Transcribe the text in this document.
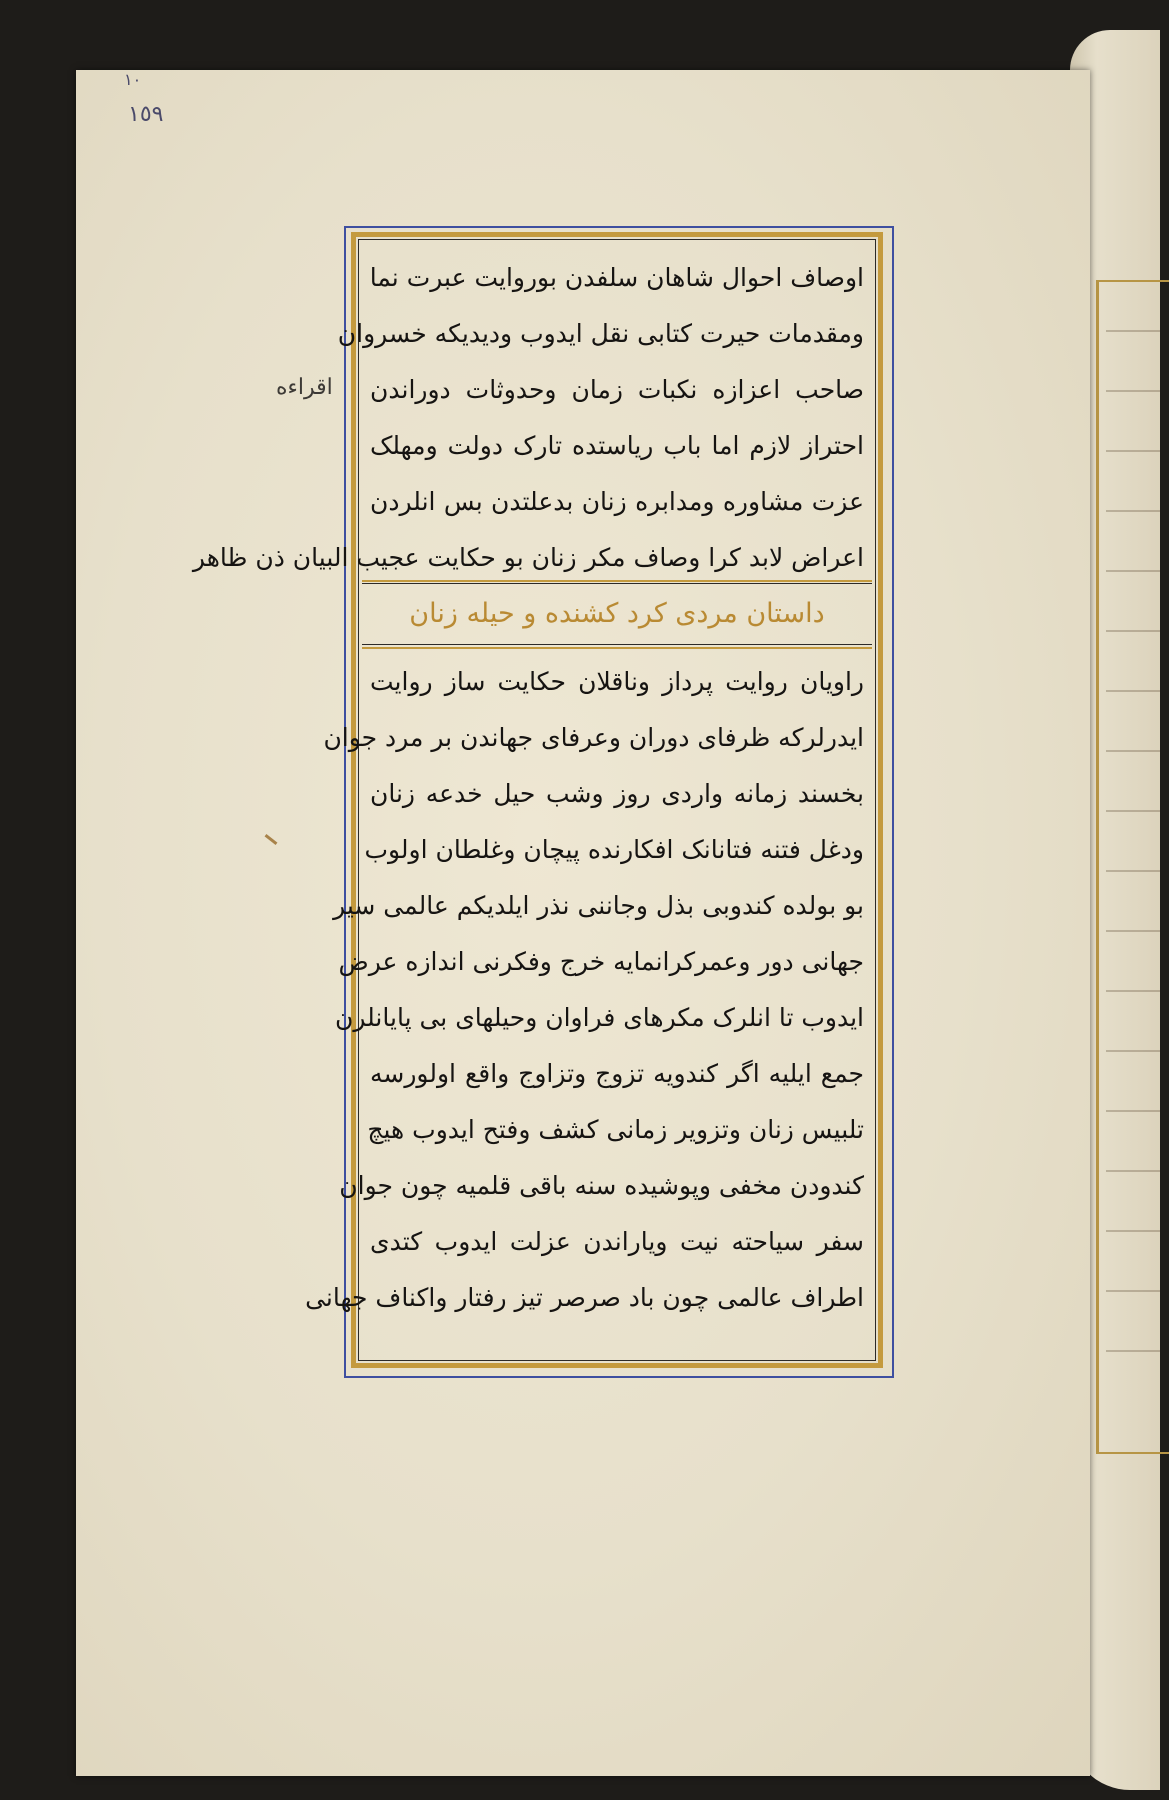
١٠
١٥٩
اقرا‌ءه
اوصاف احوال شاهان سلفدن بوروایت عبرت نما
ومقدمات حیرت کتابی نقل ایدوب ودیدیکه خسروان
صاحب اعزازه نکبات زمان وحدوثات دوراندن
احتراز لازم اما باب ریاستده تارک دولت ومهلک
عزت مشاوره ومدابره زنان بدعلتدن بس انلردن
اعراض لابد کرا وصاف مکر زنان بو حکایت عجیب البیان ذن ظاهر
داستان مردی کرد کشنده و حیله زنان
راویان روایت پرداز وناقلان حکایت ساز روایت
ایدرلرکه ظرفای دوران وعرفای جهاندن بر مرد جوان
بخسند زمانه واردی روز وشب حیل خدعه زنان
ودغل فتنه فتانانک افکارنده پیچان وغلطان اولوب
بو بولده کندوبی بذل وجاننی نذر ایلدیکم عالمی سیر
جهانی دور وعمرکرانمایه خرج وفکرنی اندازه عرض
ایدوب تا انلرک مکرهای فراوان وحیلهای بی پایانلرن
جمع ایلیه اگر کندویه تزوج وتزاوج واقع اولورسه
تلبیس زنان وتزویر زمانی کشف وفتح ایدوب هیچ
کندودن مخفی وپوشیده سنه باقی قلمیه چون جوان
سفر سیاحته نیت ویاراندن عزلت ایدوب کتدی
اطراف عالمی چون باد صرصر تیز رفتار واکناف جهانی
